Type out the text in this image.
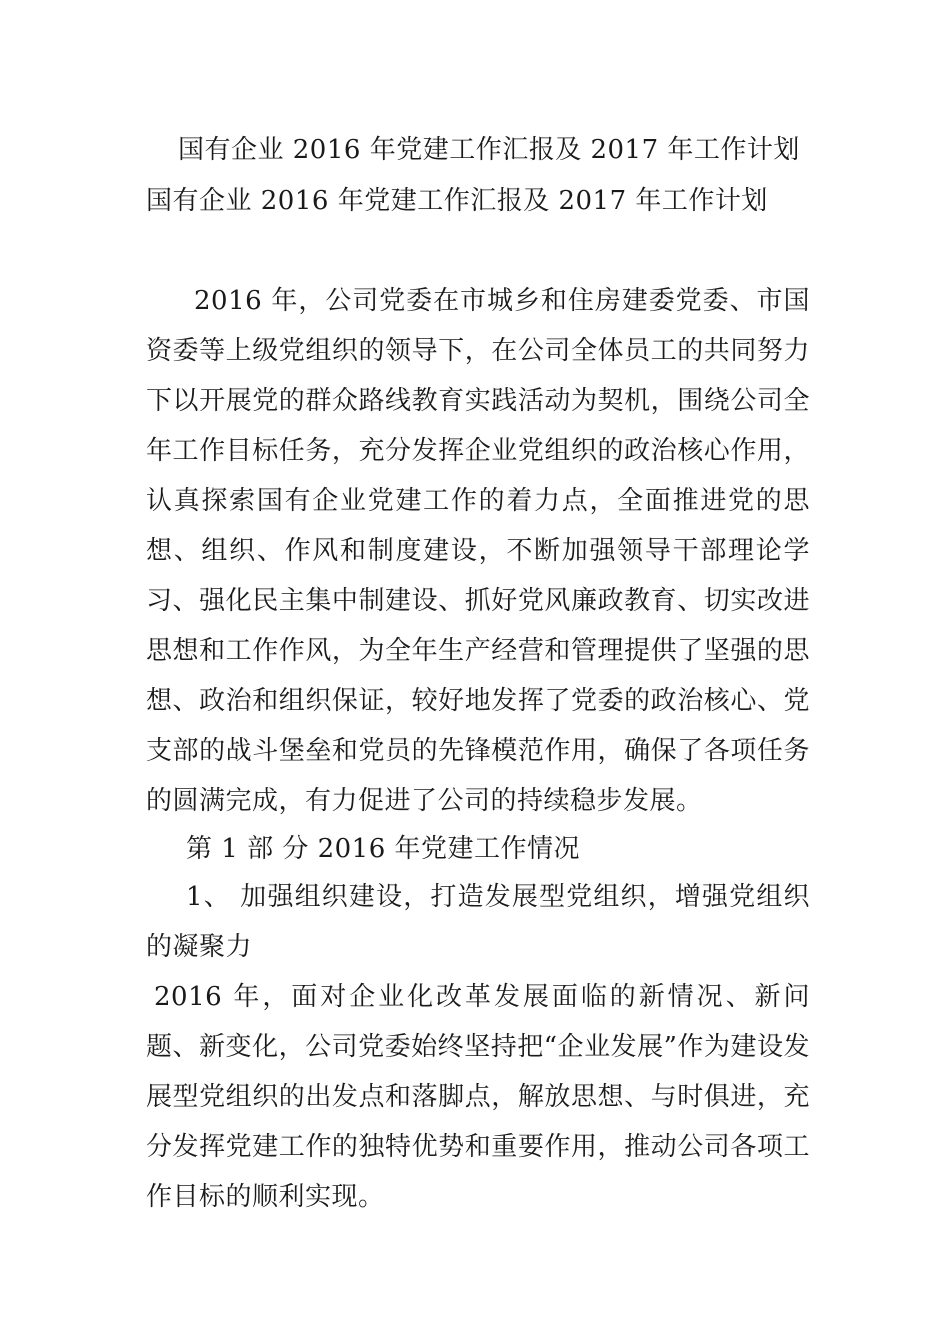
国有企业 2016 年党建工作汇报及 2017 年工作计划
国有企业 2016 年党建工作汇报及 2017 年工作计划
2016 年，公司党委在市城乡和住房建委党委、市国资委等上级党组织的领导下，在公司全体员工的共同努力下以开展党的群众路线教育实践活动为契机，围绕公司全年工作目标任务，充分发挥企业党组织的政治核心作用，认真探索国有企业党建工作的着力点，全面推进党的思想、组织、作风和制度建设，不断加强领导干部理论学习、强化民主集中制建设、抓好党风廉政教育、切实改进思想和工作作风，为全年生产经营和管理提供了坚强的思想、政治和组织保证，较好地发挥了党委的政治核心、党支部的战斗堡垒和党员的先锋模范作用，确保了各项任务的圆满完成，有力促进了公司的持续稳步发展。
第 1 部 分 2016 年党建工作情况
1、 加强组织建设，打造发展型党组织，增强党组织的凝聚力
2016 年，面对企业化改革发展面临的新情况、新问题、新变化，公司党委始终坚持把“企业发展”作为建设发展型党组织的出发点和落脚点，解放思想、与时俱进，充分发挥党建工作的独特优势和重要作用，推动公司各项工作目标的顺利实现。
